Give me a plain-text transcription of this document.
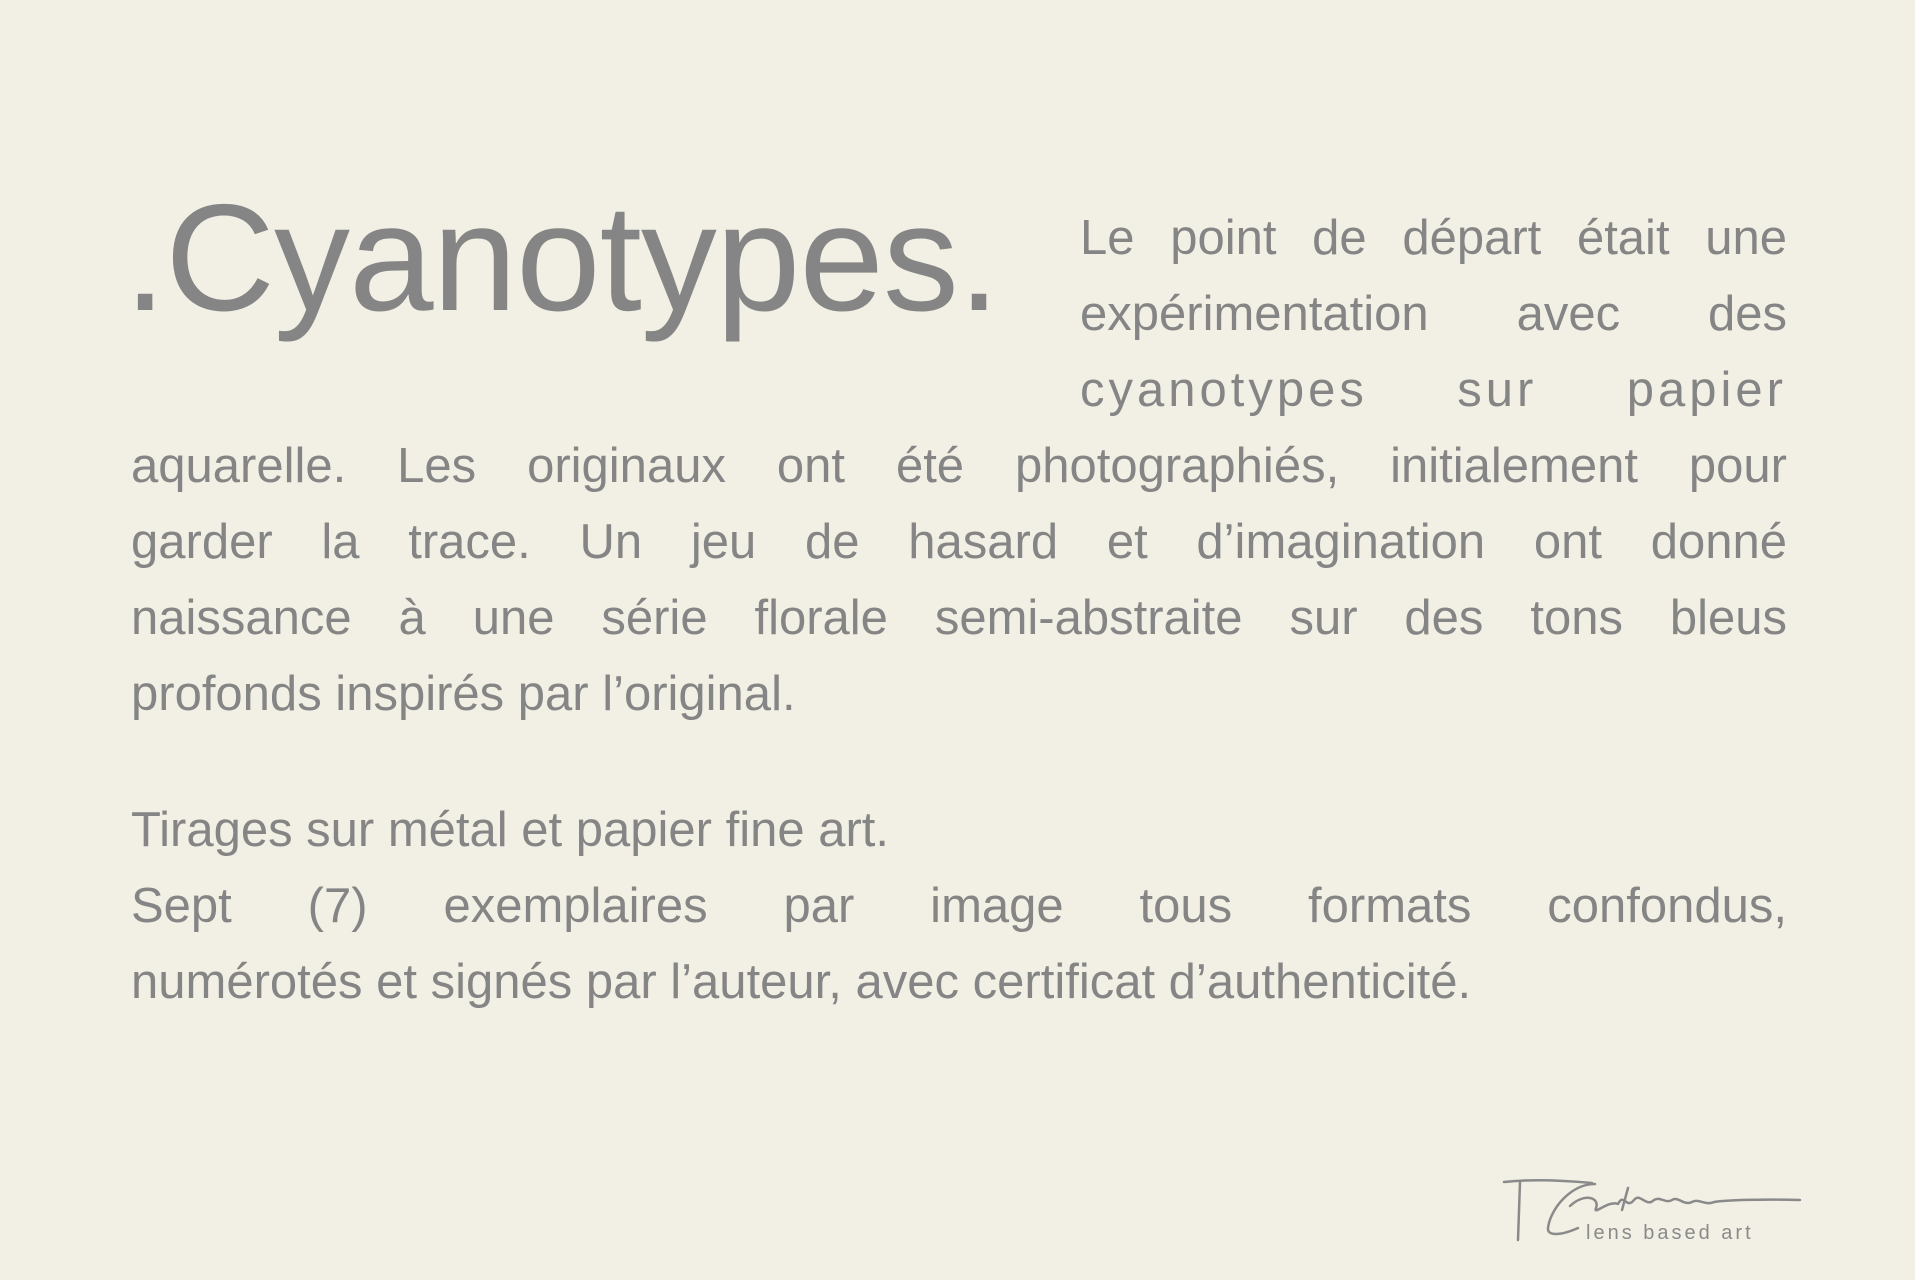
.Cyanotypes. Le point de départ était une
expérimentation avec des
cyanotypes sur papier
aquarelle. Les originaux ont été photographiés, initialement pour
garder la trace. Un jeu de hasard et d’imagination ont donné
naissance à une série florale semi-abstraite sur des tons bleus
profonds inspirés par l’original.
Tirages sur métal et papier fine art.
Sept (7) exemplaires par image tous formats confondus,
numérotés et signés par l’auteur, avec certificat d’authenticité.
lens based art
